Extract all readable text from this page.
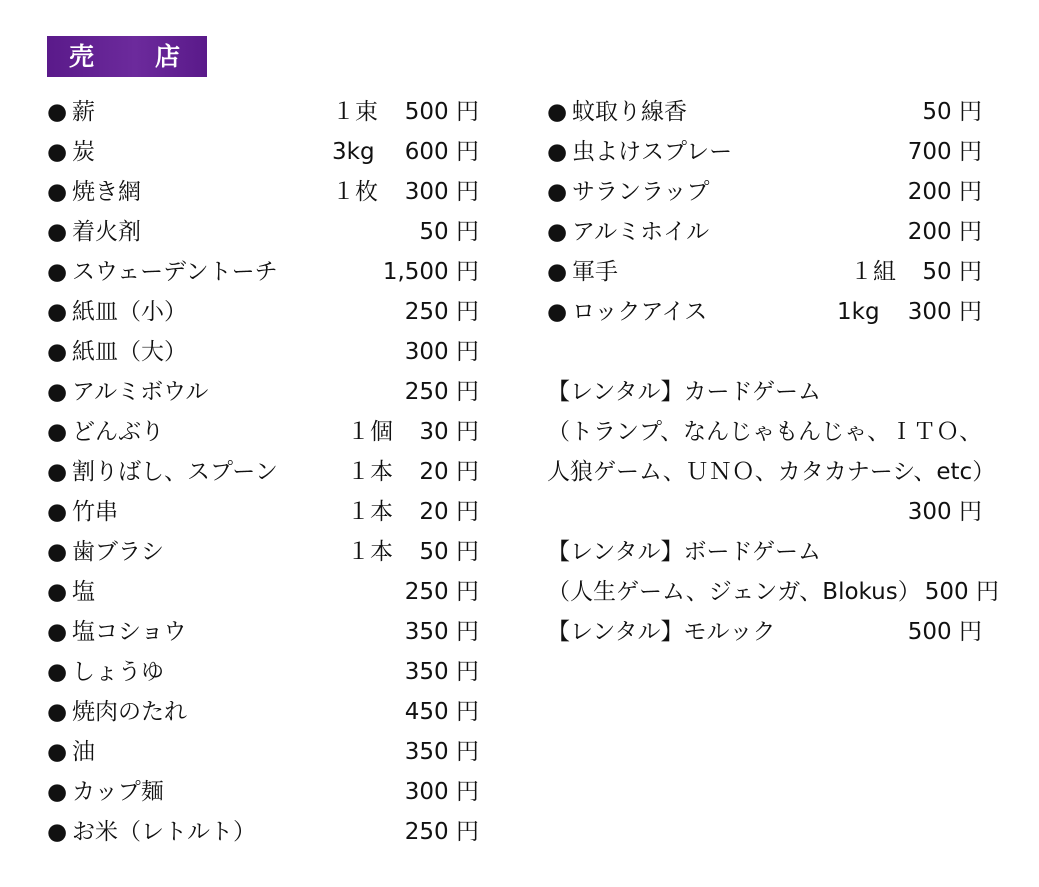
売 店
● 薪	１束 500 円
● 炭	3kg 600 円
● 焼き網	１枚 300 円
● 着火剤	50 円
● スウェーデントーチ	1,500 円
● 紙皿（小）	250 円
● 紙皿（大）	300 円
● アルミボウル	250 円
● どんぶり	１個 30 円
● 割りばし、スプーン	１本 20 円
● 竹串	１本 20 円
● 歯ブラシ	１本 50 円
● 塩	250 円
● 塩コショウ	350 円
● しょうゆ	350 円
● 焼肉のたれ	450 円
● 油	350 円
● カップ麺	300 円
● お米（レトルト）	250 円
● 蚊取り線香	50 円
● 虫よけスプレー	700 円
● サランラップ	200 円
● アルミホイル	200 円
● 軍手	１組 50 円
● ロックアイス	1kg 300 円
【レンタル】カードゲーム
（トランプ、なんじゃもんじゃ、ＩＴＯ、
人狼ゲーム、ＵＮＯ、カタカナーシ、etc）
300 円
【レンタル】ボードゲーム
（人生ゲーム、ジェンガ、Blokus） 500 円
【レンタル】モルック	500 円
